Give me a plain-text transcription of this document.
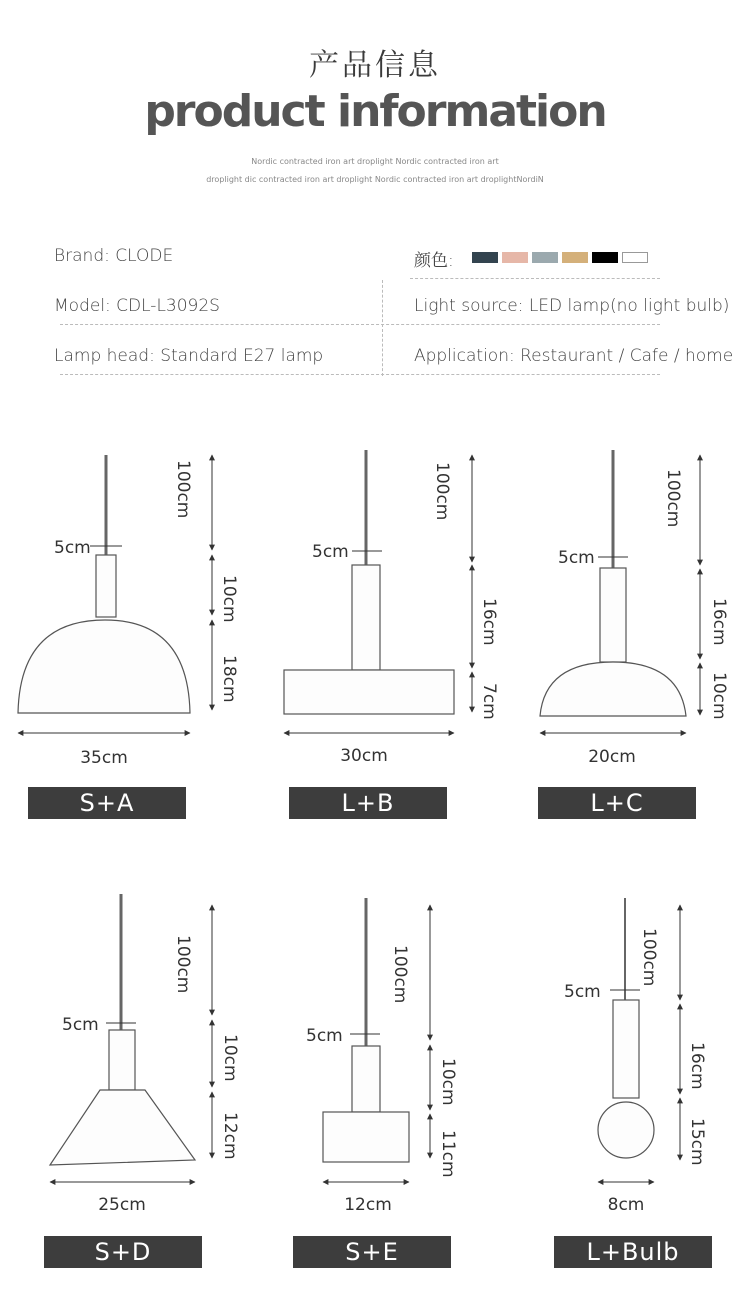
产品信息
product information
Nordic contracted iron art droplight Nordic contracted iron art
droplight dic contracted iron art droplight Nordic contracted iron art droplightNordiN
Brand: CLODE	颜色:
Model: CDL-L3092S	Light source: LED lamp(no light bulb)
Lamp head: Standard E27 lamp	Application: Restaurant / Cafe / home
5cm
35cm
100cm
10cm
18cm
5cm
30cm
100cm
16cm
7cm
5cm
20cm
100cm
16cm
10cm
5cm
25cm
100cm
10cm
12cm
5cm
12cm
100cm
10cm
11cm
5cm
8cm
100cm
16cm
15cm
S+A	L+B	L+C
S+D	S+E	L+Bulb
